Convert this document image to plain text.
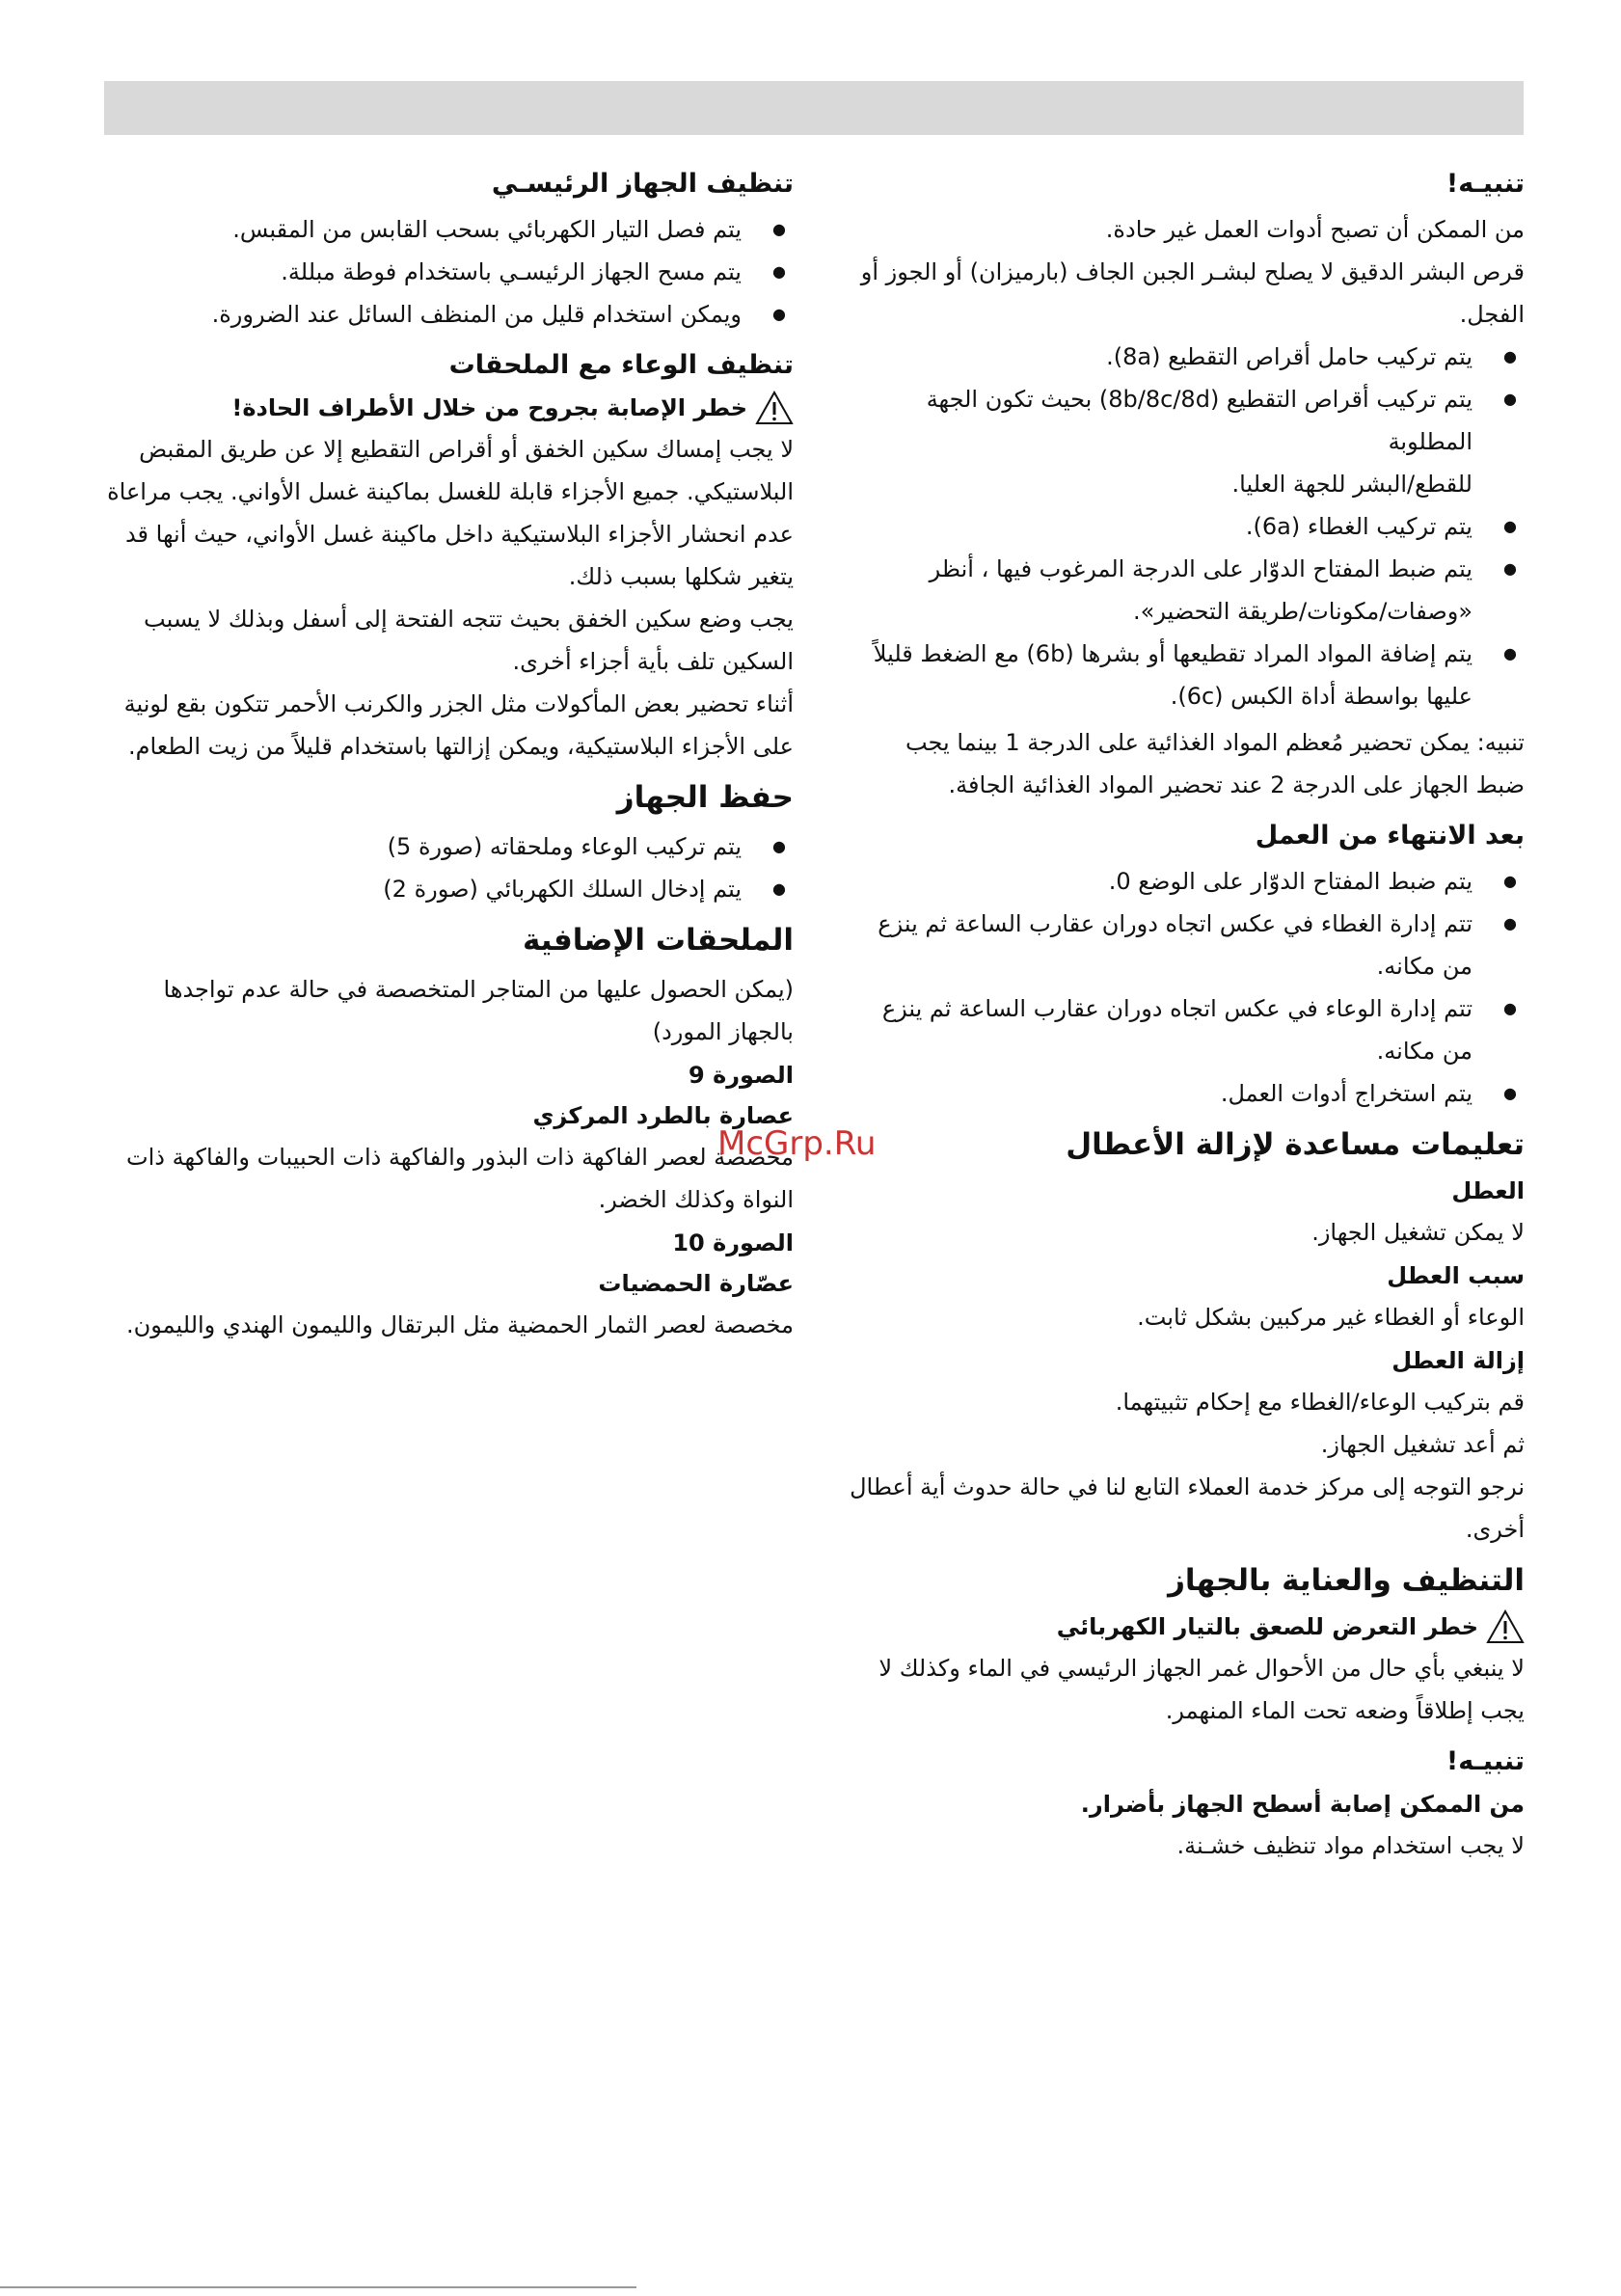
تنبيـه!

من الممكن أن تصبح أدوات العمل غير حادة.

قرص البشر الدقيق لا يصلح لبشـر الجبن الجاف (بارميزان) أو الجوز أو الفجل.

● يتم تركيب حامل أقراص التقطيع (8a).
● يتم تركيب أقراص التقطيع (8b/8c/8d) بحيث تكون الجهة المطلوبة

للقطع/البشر للجهة العليا.

● يتم تركيب الغطاء (6a).
● يتم ضبط المفتاح الدوّار على الدرجة المرغوب فيها ، أنظر «وصفات/مكونات/طريقة التحضير».
● يتم إضافة المواد المراد تقطيعها أو بشرها (6b) مع الضغط قليلاً عليها بواسطة أداة الكبس (6c).

تنبيه: يمكن تحضير مُعظم المواد الغذائية على الدرجة 1 بينما يجب ضبط الجهاز على الدرجة 2 عند تحضير المواد الغذائية الجافة.

بعد الانتهاء من العمل
● يتم ضبط المفتاح الدوّار على الوضع 0.
● تتم إدارة الغطاء في عكس اتجاه دوران عقارب الساعة ثم ينزع من مكانه.
● تتم إدارة الوعاء في عكس اتجاه دوران عقارب الساعة ثم ينزع من مكانه.
● يتم استخراج أدوات العمل.
تعليمات مساعدة لإزالة الأعطال
العطل

لا يمكن تشغيل الجهاز.

سبب العطل

الوعاء أو الغطاء غير مركبين بشكل ثابت.

إزالة العطل

قم بتركيب الوعاء/الغطاء مع إحكام تثبيتهما.

ثم أعد تشغيل الجهاز.

نرجو التوجه إلى مركز خدمة العملاء التابع لنا في حالة حدوث أية أعطال أخرى.

التنظيف والعناية بالجهاز
خطر التعرض للصعق بالتيار الكهربائي

لا ينبغي بأي حال من الأحوال غمر الجهاز الرئيسي في الماء وكذلك لا يجب إطلاقاً وضعه تحت الماء المنهمر.

تنبيـه!
من الممكن إصابة أسطح الجهاز بأضرار.

لا يجب استخدام مواد تنظيف خشـنة.

تنظيف الجهاز الرئيسـي
● يتم فصل التيار الكهربائي بسحب القابس من المقبس.
● يتم مسح الجهاز الرئيسـي باستخدام فوطة مبللة.
● ويمكن استخدام قليل من المنظف السائل عند الضرورة.
تنظيف الوعاء مع الملحقات
خطر الإصابة بجروح من خلال الأطراف الحادة!

لا يجب إمساك سكين الخفق أو أقراص التقطيع إلا عن طريق المقبض البلاستيكي. جميع الأجزاء قابلة للغسل بماكينة غسل الأواني. يجب مراعاة عدم انحشار الأجزاء البلاستيكية داخل ماكينة غسل الأواني، حيث أنها قد يتغير شكلها بسبب ذلك.

يجب وضع سكين الخفق بحيث تتجه الفتحة إلى أسفل وبذلك لا يسبب السكين تلف بأية أجزاء أخرى.

أثناء تحضير بعض المأكولات مثل الجزر والكرنب الأحمر تتكون بقع لونية على الأجزاء البلاستيكية، ويمكن إزالتها باستخدام قليلاً من زيت الطعام.

حفظ الجهاز
● يتم تركيب الوعاء وملحقاته (صورة 5)
● يتم إدخال السلك الكهربائي (صورة 2)
الملحقات الإضافية

(يمكن الحصول عليها من المتاجر المتخصصة في حالة عدم تواجدها بالجهاز المورد)

الصورة 9
عصارة بالطرد المركزي

مخصصة لعصر الفاكهة ذات البذور والفاكهة ذات الحبيبات والفاكهة ذات النواة وكذلك الخضر.

الصورة 10
عصّارة الحمضيات

مخصصة لعصر الثمار الحمضية مثل البرتقال والليمون الهندي والليمون.

McGrp.Ru
